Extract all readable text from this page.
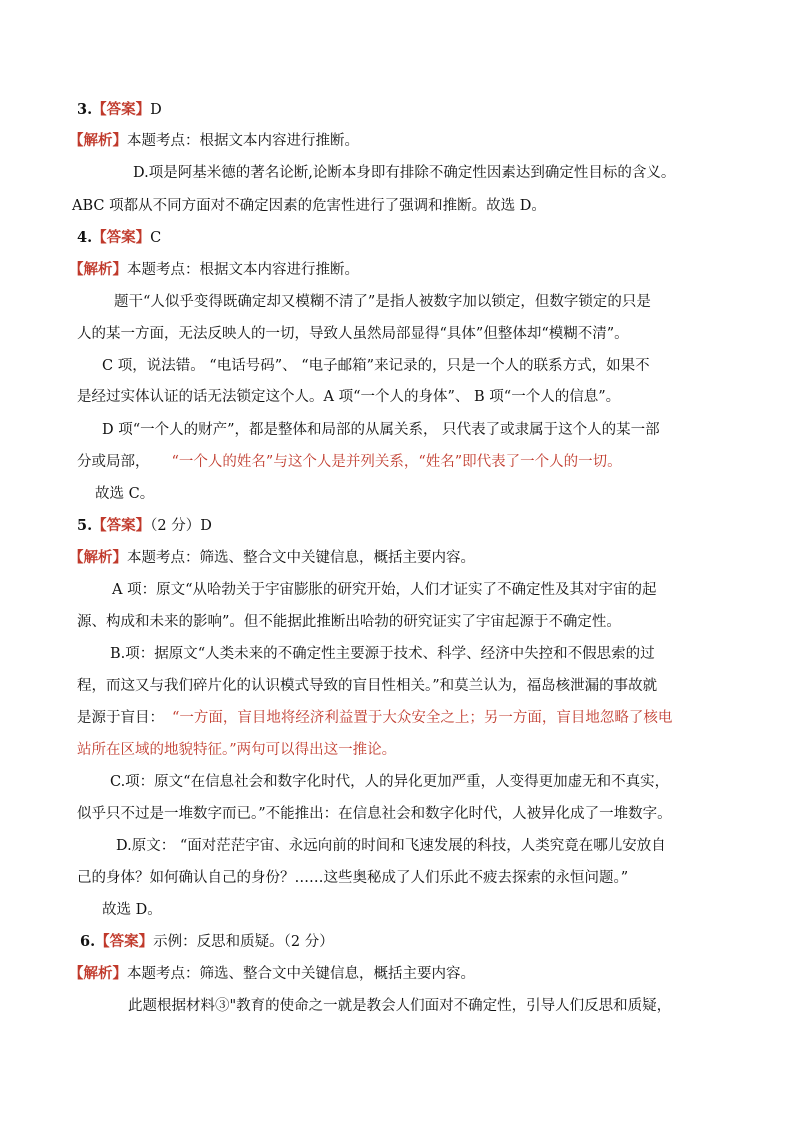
3.【答案】D
【解析】本题考点：根据文本内容进行推断。
D.项是阿基米德的著名论断,论断本身即有排除不确定性因素达到确定性目标的含义。
ABC 项都从不同方面对不确定因素的危害性进行了强调和推断。故选 D。
4.【答案】C
【解析】本题考点：根据文本内容进行推断。
题干“人似乎变得既确定却又模糊不清了”是指人被数字加以锁定，但数字锁定的只是
人的某一方面，无法反映人的一切，导致人虽然局部显得“具体”但整体却“模糊不清”。
C 项，说法错。 “电话号码”、 “电子邮箱”来记录的，只是一个人的联系方式，如果不
是经过实体认证的话无法锁定这个人。A 项“一个人的身体”、 B 项“一个人的信息”。
D 项“一个人的财产”，都是整体和局部的从属关系， 只代表了或隶属于这个人的某一部
分或局部， “一个人的姓名”与这个人是并列关系，“姓名”即代表了一个人的一切。
故选 C。
5.【答案】（2 分）D
【解析】本题考点：筛选、整合文中关键信息，概括主要内容。
A 项：原文“从哈勃关于宇宙膨胀的研究开始，人们才证实了不确定性及其对宇宙的起
源、构成和未来的影响”。但不能据此推断出哈勃的研究证实了宇宙起源于不确定性。
B.项：据原文“人类未来的不确定性主要源于技术、科学、经济中失控和不假思索的过
程，而这又与我们碎片化的认识模式导致的盲目性相关。”和莫兰认为，福岛核泄漏的事故就
是源于盲目： “一方面，盲目地将经济利益置于大众安全之上；另一方面，盲目地忽略了核电
站所在区域的地貌特征。”两句可以得出这一推论。
C.项：原文“在信息社会和数字化时代，人的异化更加严重，人变得更加虚无和不真实，
似乎只不过是一堆数字而已。”不能推出：在信息社会和数字化时代，人被异化成了一堆数字。
D.原文： “面对茫茫宇宙、永远向前的时间和飞速发展的科技，人类究竟在哪儿安放自
己的身体？如何确认自己的身份？……这些奥秘成了人们乐此不疲去探索的永恒问题。”
故选 D。
6.【答案】示例：反思和质疑。（2 分）
【解析】本题考点：筛选、整合文中关键信息，概括主要内容。
此题根据材料③"教育的使命之一就是教会人们面对不确定性，引导人们反思和质疑，
